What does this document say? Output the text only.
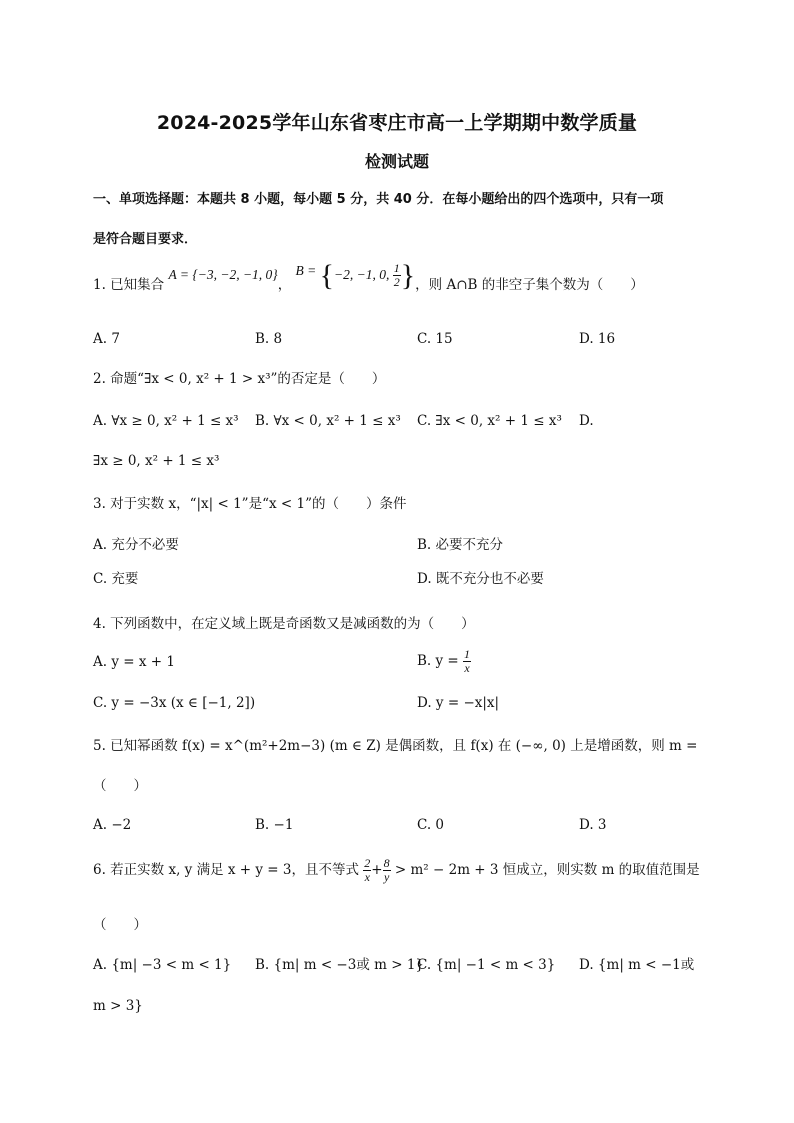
2024-2025学年山东省枣庄市高一上学期期中数学质量
检测试题
一、单项选择题：本题共 8 小题，每小题 5 分，共 40 分．在每小题给出的四个选项中，只有一项
是符合题目要求．
1. 已知集合 A = {−3, −2, −1, 0}， B = {−2, −1, 0, $\frac{1}{2}$ }，则 A∩B 的非空子集个数为（　　）
A. 7	B. 8	C. 15	D. 16
2. 命题“∃x < 0, x² + 1 > x³”的否定是（　　）
A. ∀x ≥ 0, x² + 1 ≤ x³ B. ∀x < 0, x² + 1 ≤ x³ C. ∃x < 0, x² + 1 ≤ x³ D.
∃x ≥ 0, x² + 1 ≤ x³
3. 对于实数 x，“|x| < 1”是“x < 1”的（　　）条件
A. 充分不必要	B. 必要不充分
C. 充要	D. 既不充分也不必要
4. 下列函数中，在定义域上既是奇函数又是减函数的为（　　）
A. y = x + 1	B. $y = \frac{1}{x}$
C. y = −3x (x ∈ [−1, 2])	D. y = −x|x|
5. 已知幂函数 f(x) = x^(m²+2m−3) (m ∈ Z) 是偶函数，且 f(x) 在 (−∞, 0) 上是增函数，则 m =
（　　）
A. −2	B. −1	C. 0	D. 3
6. 若正实数 x, y 满足 x + y = 3，且不等式 $\frac{2}{x} + \frac{8}{y} > m^2 - 2m + 3$ 恒成立，则实数 m 的取值范围是
（　　）
A. {m| −3 < m < 1} B. {m| m < −3或 m > 1}
C. {m| −1 < m < 3} D. {m| m < −1或
m > 3}
